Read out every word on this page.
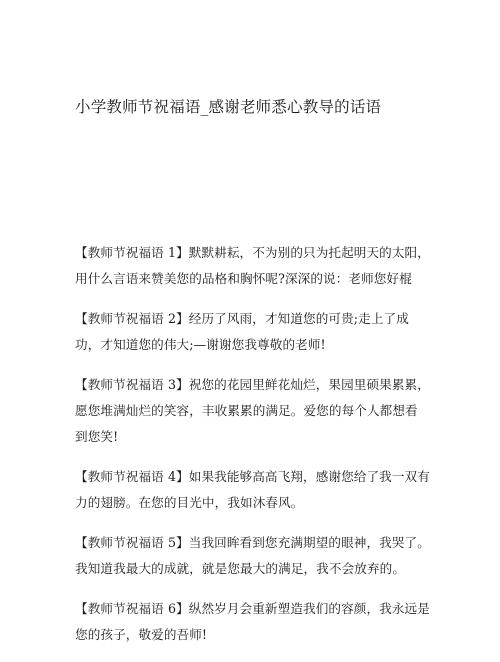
小学教师节祝福语_感谢老师悉心教导的话语

【教师节祝福语 1】默默耕耘，不为别的只为托起明天的太阳，用什么言语来赞美您的品格和胸怀呢?深深的说：老师您好棍

【教师节祝福语 2】经历了风雨，才知道您的可贵;走上了成功，才知道您的伟大;—谢谢您我尊敬的老师!

【教师节祝福语 3】祝您的花园里鲜花灿烂，果园里硕果累累，愿您堆满灿烂的笑容，丰收累累的满足。爱您的每个人都想看到您笑!

【教师节祝福语 4】如果我能够高高飞翔，感谢您给了我一双有力的翅膀。在您的目光中，我如沐春风。

【教师节祝福语 5】当我回眸看到您充满期望的眼神，我哭了。我知道我最大的成就，就是您最大的满足，我不会放弃的。

【教师节祝福语 6】纵然岁月会重新塑造我们的容颜，我永远是您的孩子，敬爱的吾师!
